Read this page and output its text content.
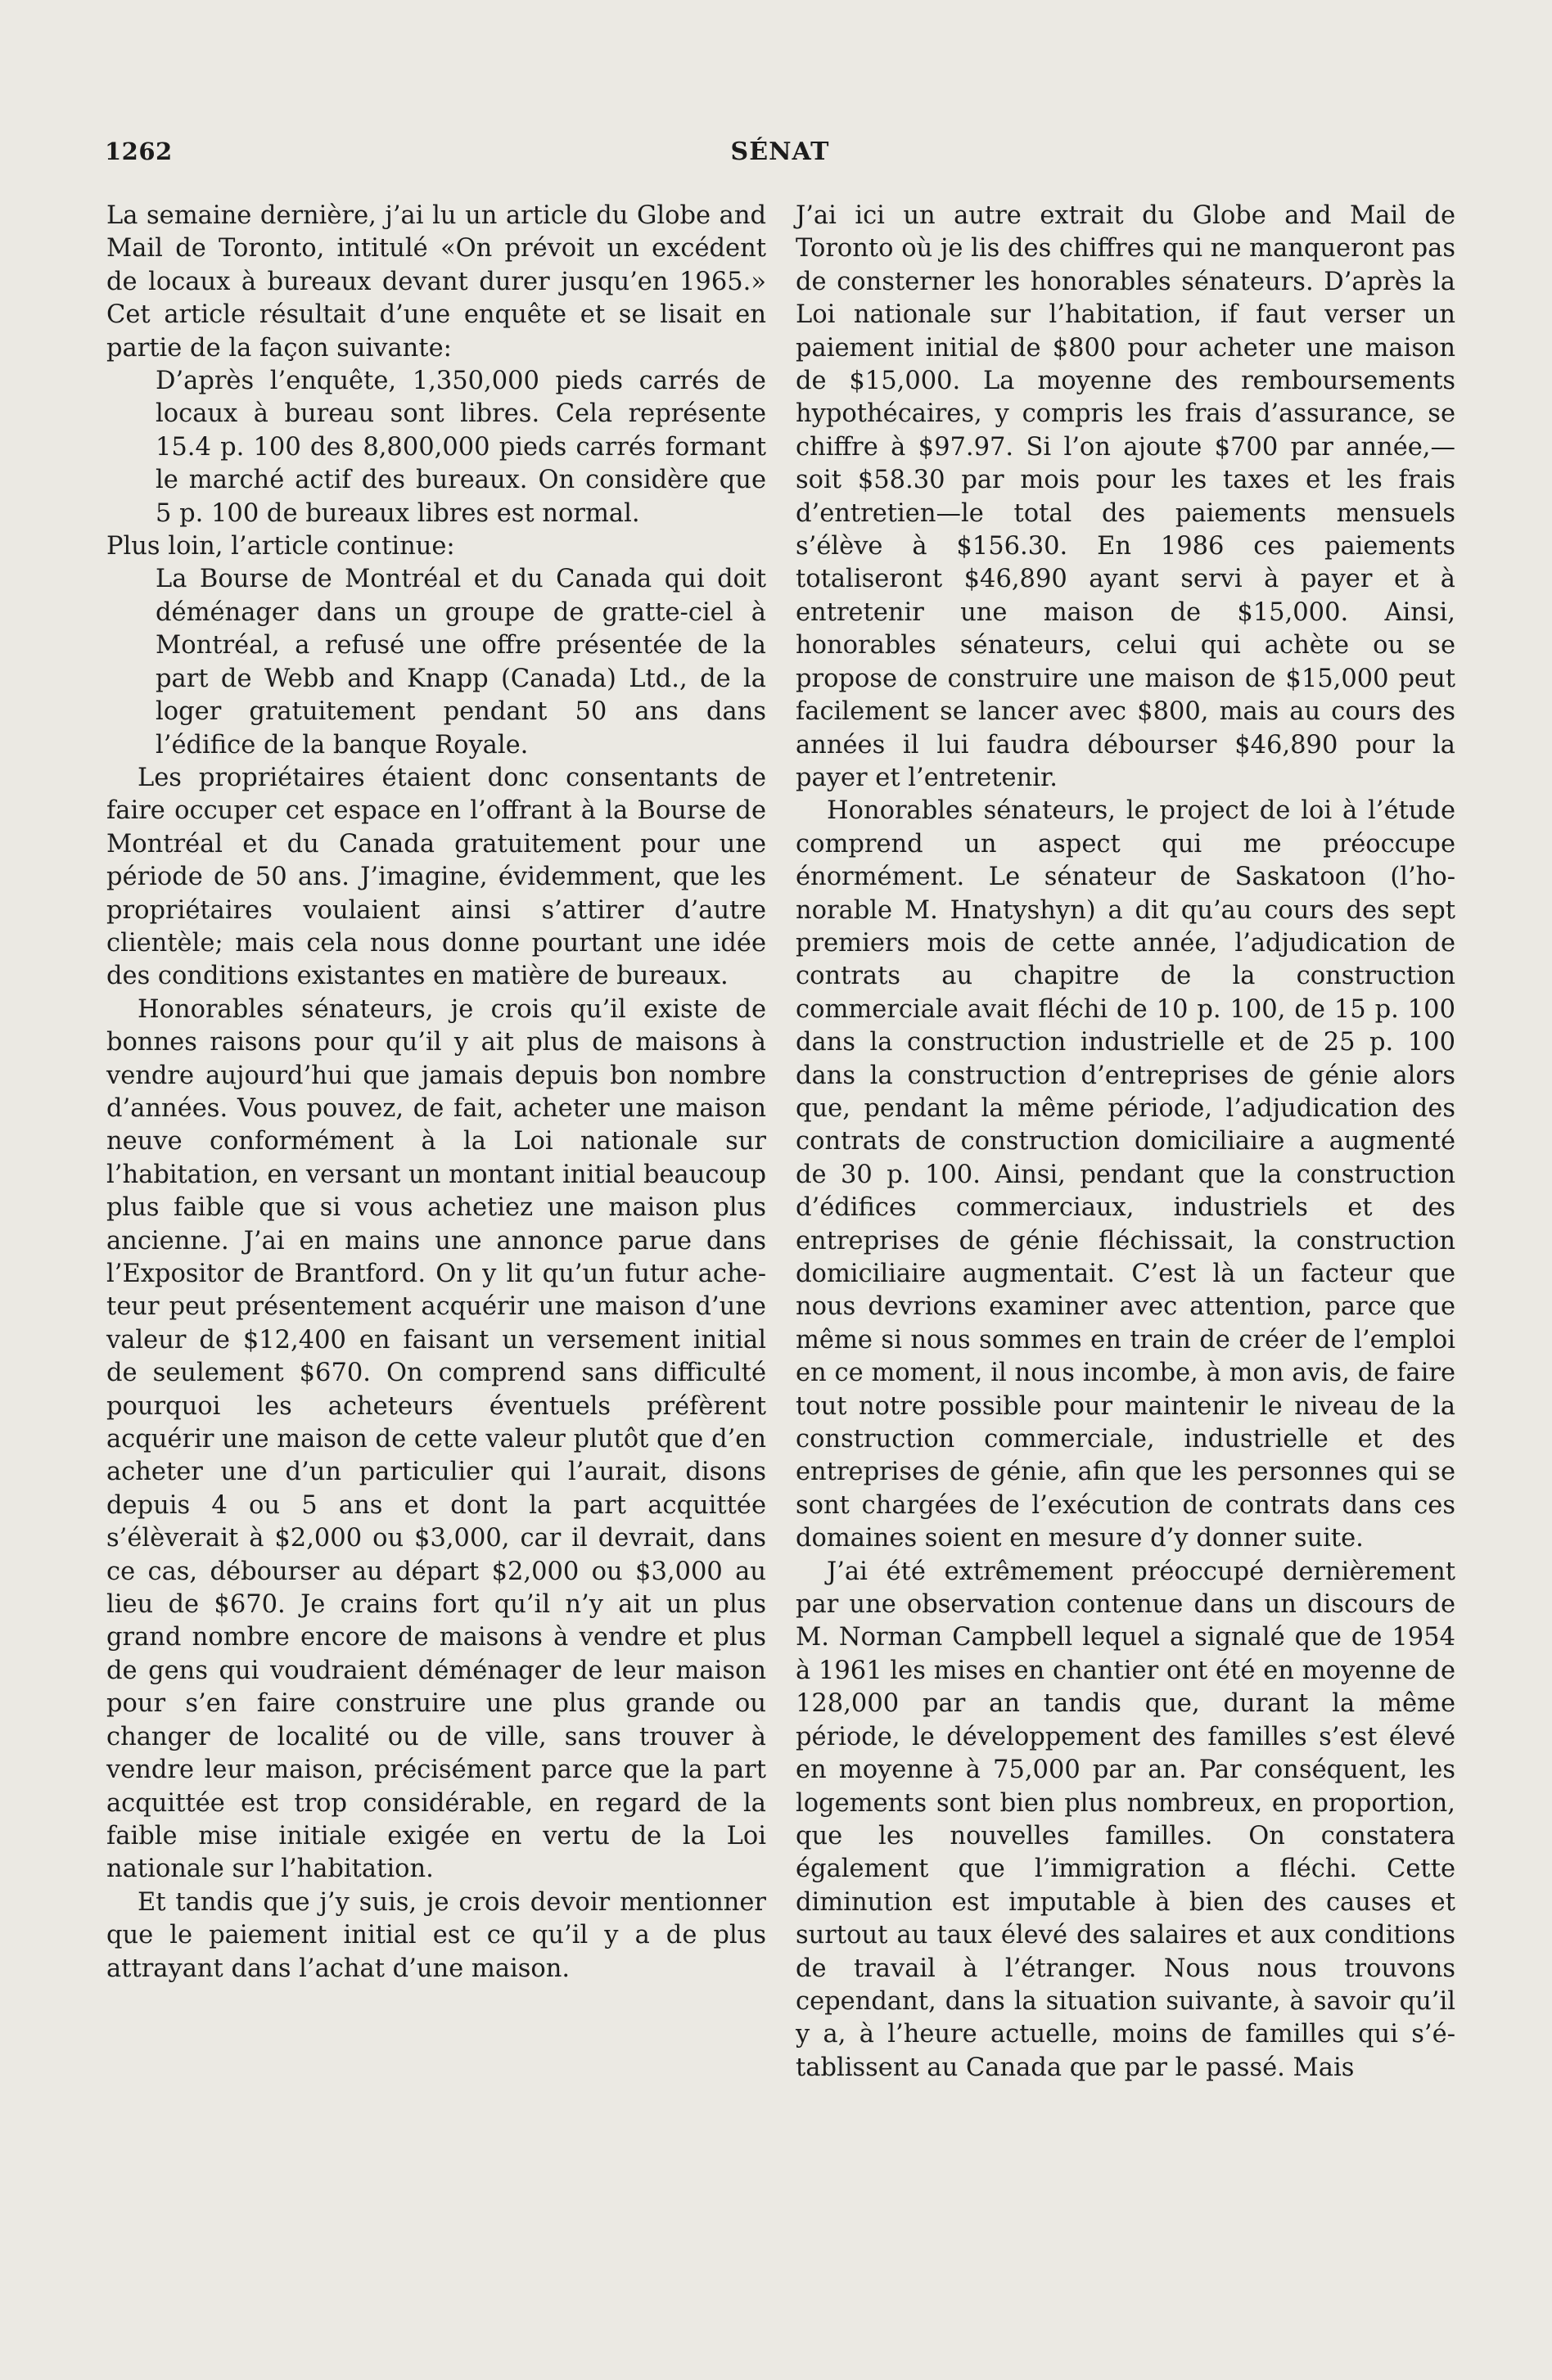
1262	SÉNAT

La semaine dernière, j’ai lu un article du Globe and Mail de Toronto, intitulé «On prévoit un excédent de locaux à bureaux devant durer jusqu’en 1965.» Cet article résultait d’une enquête et se lisait en partie de la façon suivante:

D’après l’enquête, 1,350,000 pieds carrés de locaux à bureau sont libres. Cela représente 15.4 p. 100 des 8,800,000 pieds carrés formant le marché actif des bureaux. On considère que 5 p. 100 de bureaux libres est normal.

Plus loin, l’article continue:

La Bourse de Montréal et du Canada qui doit déménager dans un groupe de gratte-ciel à Montréal, a refusé une offre présentée de la part de Webb and Knapp (Canada) Ltd., de la loger gratuitement pendant 50 ans dans l’édifice de la banque Royale.

Les propriétaires étaient donc consentants de faire occuper cet espace en l’offrant à la Bourse de Montréal et du Canada gratuitement pour une période de 50 ans. J’imagine, évidemment, que les propriétaires voulaient ainsi s’attirer d’autre clientèle; mais cela nous donne pourtant une idée des conditions existantes en matière de bureaux.

Honorables sénateurs, je crois qu’il existe de bonnes raisons pour qu’il y ait plus de maisons à vendre aujourd’hui que jamais depuis bon nombre d’années. Vous pouvez, de fait, acheter une maison neuve conformément à la Loi nationale sur l’habitation, en versant un montant initial beaucoup plus faible que si vous achetiez une maison plus ancienne. J’ai en mains une annonce parue dans l’Expositor de Brantford. On y lit qu’un futur acheteur peut présentement acquérir une maison d’une valeur de $12,400 en faisant un versement initial de seulement $670. On comprend sans difficulté pourquoi les acheteurs éventuels préfèrent acquérir une maison de cette valeur plutôt que d’en acheter une d’un particulier qui l’aurait, disons depuis 4 ou 5 ans et dont la part acquittée s’élèverait à $2,000 ou $3,000, car il devrait, dans ce cas, débourser au départ $2,000 ou $3,000 au lieu de $670. Je crains fort qu’il n’y ait un plus grand nombre encore de maisons à vendre et plus de gens qui voudraient déménager de leur maison pour s’en faire construire une plus grande ou changer de localité ou de ville, sans trouver à vendre leur maison, précisément parce que la part acquittée est trop considérable, en regard de la faible mise initiale exigée en vertu de la Loi nationale sur l’habitation.

Et tandis que j’y suis, je crois devoir mentionner que le paiement initial est ce qu’il y a de plus attrayant dans l’achat d’une maison.

J’ai ici un autre extrait du Globe and Mail de Toronto où je lis des chiffres qui ne manqueront pas de consterner les honorables sénateurs. D’après la Loi nationale sur l’habitation, if faut verser un paiement initial de $800 pour acheter une maison de $15,000. La moyenne des remboursements hypothécaires, y compris les frais d’assurance, se chiffre à $97.97. Si l’on ajoute $700 par année,—soit $58.30 par mois pour les taxes et les frais d’entretien—le total des paiements mensuels s’élève à $156.30. En 1986 ces paiements totaliseront $46,890 ayant servi à payer et à entretenir une maison de $15,000. Ainsi, honorables sénateurs, celui qui achète ou se propose de construire une maison de $15,000 peut facilement se lancer avec $800, mais au cours des années il lui faudra débourser $46,890 pour la payer et l’entretenir.

Honorables sénateurs, le project de loi à l’étude comprend un aspect qui me préoccupe énormément. Le sénateur de Saskatoon (l’honorable M. Hnatyshyn) a dit qu’au cours des sept premiers mois de cette année, l’adjudication de contrats au chapitre de la construction commerciale avait fléchi de 10 p. 100, de 15 p. 100 dans la construction industrielle et de 25 p. 100 dans la construction d’entreprises de génie alors que, pendant la même période, l’adjudication des contrats de construction domiciliaire a augmenté de 30 p. 100. Ainsi, pendant que la construction d’édifices commerciaux, industriels et des entreprises de génie fléchissait, la construction domiciliaire augmentait. C’est là un facteur que nous devrions examiner avec attention, parce que même si nous sommes en train de créer de l’emploi en ce moment, il nous incombe, à mon avis, de faire tout notre possible pour maintenir le niveau de la construction commerciale, industrielle et des entreprises de génie, afin que les personnes qui se sont chargées de l’exécution de contrats dans ces domaines soient en mesure d’y donner suite.

J’ai été extrêmement préoccupé dernièrement par une observation contenue dans un discours de M. Norman Campbell lequel a signalé que de 1954 à 1961 les mises en chantier ont été en moyenne de 128,000 par an tandis que, durant la même période, le développement des familles s’est élevé en moyenne à 75,000 par an. Par conséquent, les logements sont bien plus nombreux, en proportion, que les nouvelles familles. On constatera également que l’immigration a fléchi. Cette diminution est imputable à bien des causes et surtout au taux élevé des salaires et aux conditions de travail à l’étranger. Nous nous trouvons cependant, dans la situation suivante, à savoir qu’il y a, à l’heure actuelle, moins de familles qui s’établissent au Canada que par le passé. Mais
